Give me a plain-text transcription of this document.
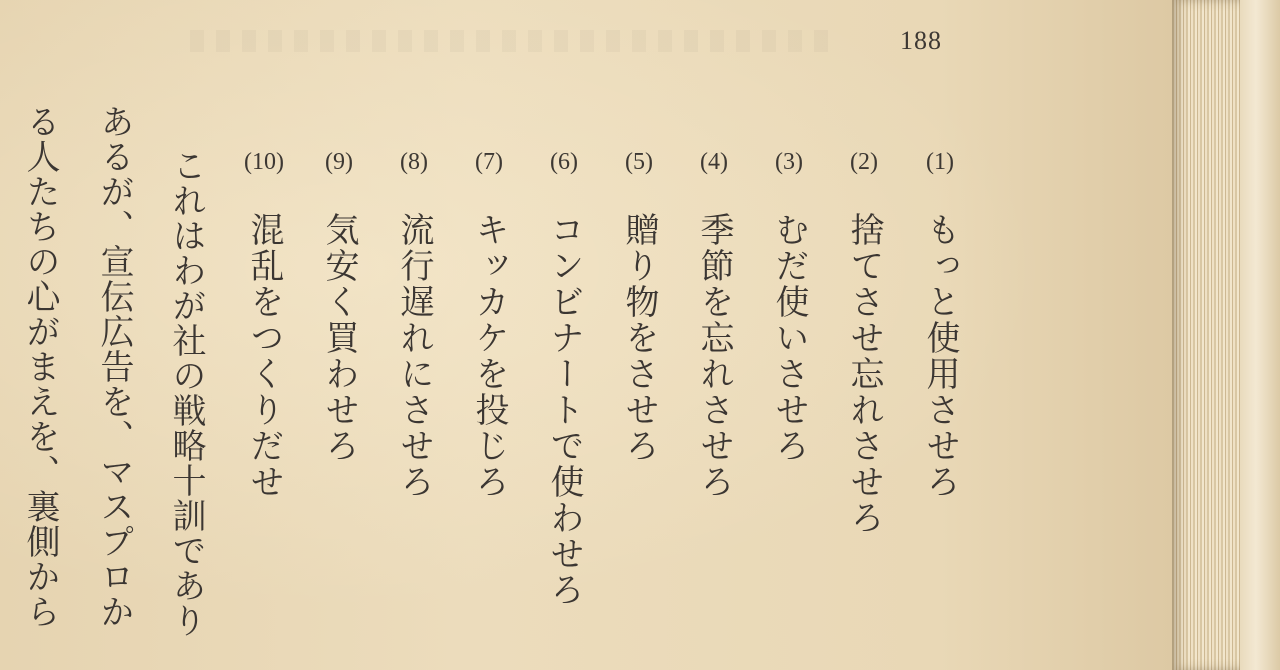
188
(1)
もっと使用させろ
(2)
捨てさせ忘れさせろ
(3)
むだ使いさせろ
(4)
季節を忘れさせろ
(5)
贈り物をさせろ
(6)
コンビナートで使わせろ
(7)
キッカケを投じろ
(8)
流行遅れにさせろ
(9)
気安く買わせろ
(10)
混乱をつくりだせ
これはわが社の戦略十訓であり
あるが、宣伝広告を、マスプロか
る人たちの心がまえを、裏側から
